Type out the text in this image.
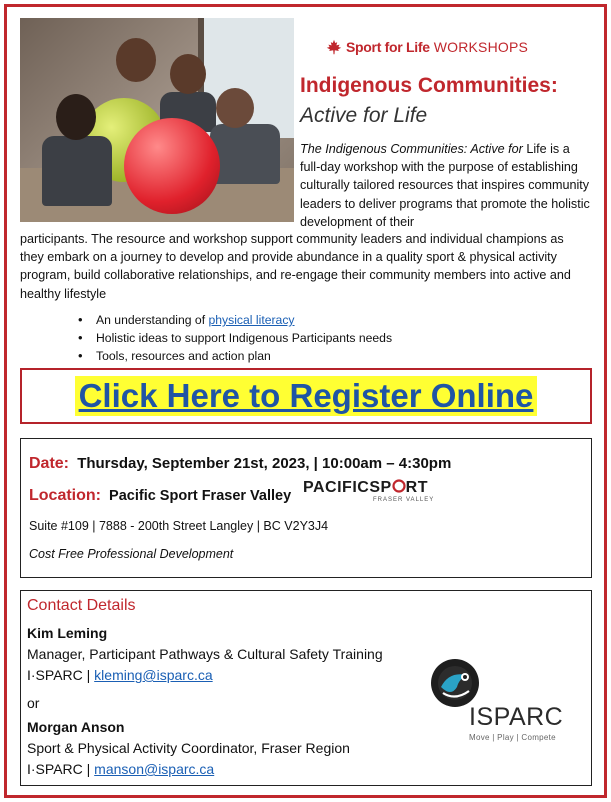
Sport for Life WORKSHOPS
Indigenous Communities:
Active for Life
The Indigenous Communities: Active for Life is a full-day workshop with the purpose of establishing culturally tailored resources that inspires community leaders to deliver programs that promote the holistic development of their
participants. The resource and workshop support community leaders and individual champions as they embark on a journey to develop and provide abundance in a quality sport & physical activity program, build collaborative relationships, and re-engage their community members into active and healthy lifestyle
• An understanding of physical literacy
• Holistic ideas to support Indigenous Participants needs
• Tools, resources and action plan
Click Here to Register Online
Date: Thursday, September 21st, 2023, | 10:00am – 4:30pm
Location: Pacific Sport Fraser Valley PACIFICSP RT
FRASER VALLEY
Suite #109 | 7888 - 200th Street Langley | BC V2Y3J4
Cost Free Professional Development
Contact Details
Kim Leming
Manager, Participant Pathways & Cultural Safety Training
I·SPARC | kleming@isparc.ca
or
Morgan Anson
Sport & Physical Activity Coordinator, Fraser Region
I·SPARC | manson@isparc.ca
ISPARC
Move | Play | Compete
